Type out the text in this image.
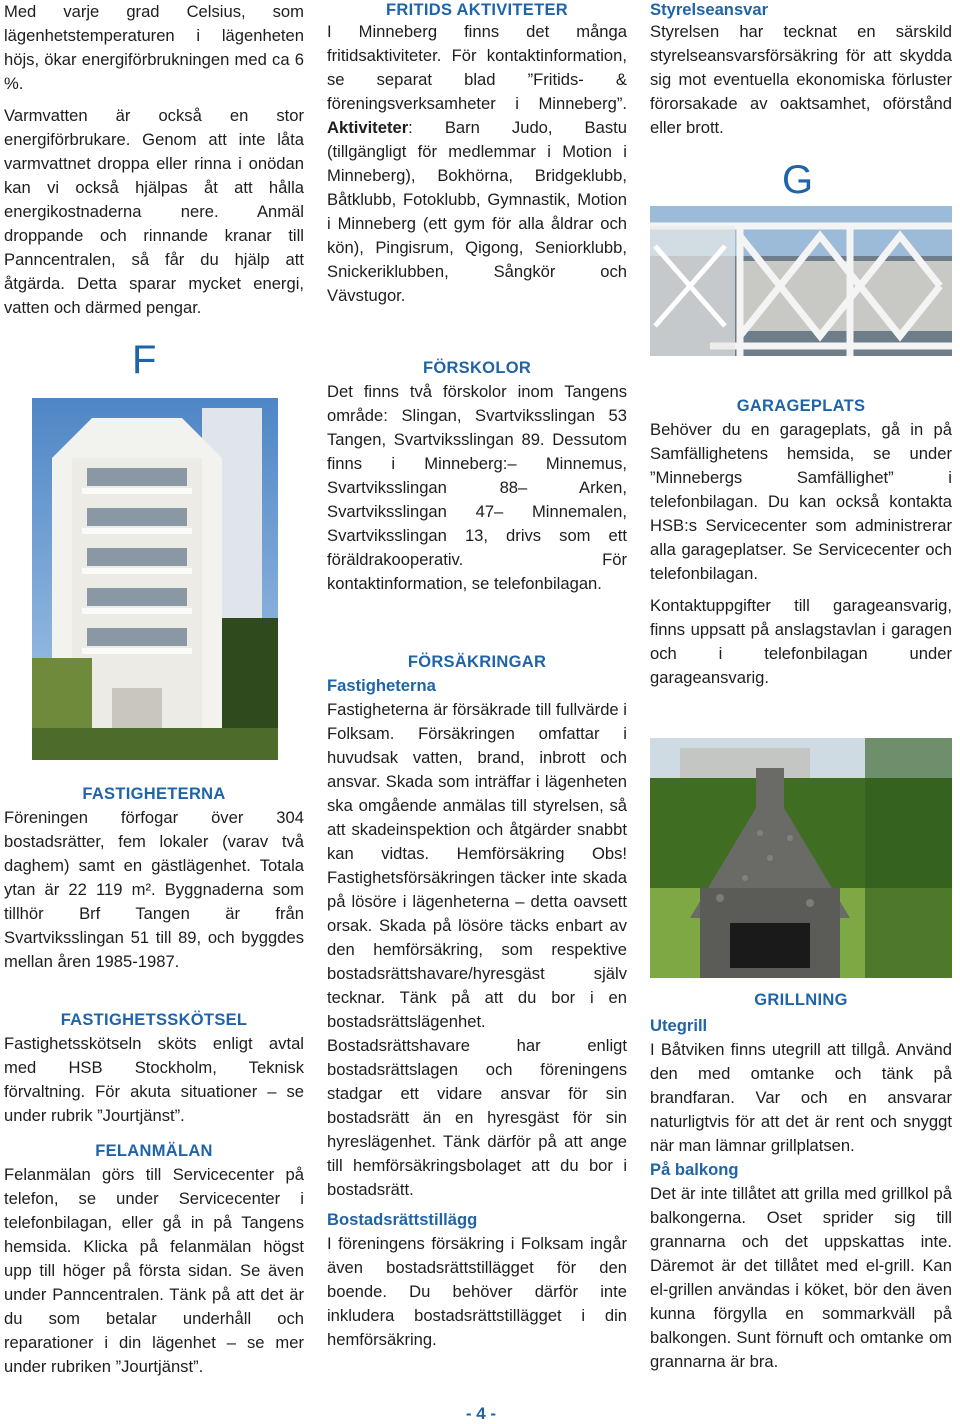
Med varje grad Celsius, som lägenhetstemperaturen i lägenheten höjs, ökar energiförbrukningen med ca 6 %.

Varmvatten är också en stor energiförbrukare. Genom att inte låta varmvattnet droppa eller rinna i onödan kan vi också hjälpas åt att hålla energikostnaderna nere. Anmäl droppande och rinnande kranar till Panncentralen, så får du hjälp att åtgärda. Detta sparar mycket energi, vatten och därmed pengar.

F
FASTIGHETERNA

Föreningen förfogar över 304 bostadsrätter, fem lokaler (varav två daghem) samt en gästlägenhet. Totala ytan är 22 119 m². Byggnaderna som tillhör Brf Tangen är från Svartviksslingan 51 till 89, och byggdes mellan åren 1985-1987.

FASTIGHETSSKÖTSEL

Fastighetsskötseln sköts enligt avtal med HSB Stockholm, Teknisk förvaltning. För akuta situationer – se under rubrik ”Jourtjänst”.

FELANMÄLAN

Felanmälan görs till Servicecenter på telefon, se under Servicecenter i telefonbilagan, eller gå in på Tangens hemsida. Klicka på felanmälan högst upp till höger på första sidan. Se även under Panncentralen. Tänk på att det är du som betalar underhåll och reparationer i din lägenhet – se mer under rubriken ”Jourtjänst”.

FRITIDS AKTIVITETER

I Minneberg finns det många fritidsaktiviteter. För kontaktinformation, se separat blad ”Fritids- & föreningsverksamheter i Minneberg”. Aktiviteter: Barn Judo, Bastu (tillgängligt för medlemmar i Motion i Minneberg), Bokhörna, Bridgeklubb, Båtklubb, Fotoklubb, Gymnastik, Motion i Minneberg (ett gym för alla åldrar och kön), Pingisrum, Qigong, Seniorklubb, Snickeriklubben, Sångkör och Vävstugor.

FÖRSKOLOR

Det finns två förskolor inom Tangens område: Slingan, Svartviksslingan 53 Tangen, Svartviksslingan 89. Dessutom finns i Minneberg:– Minnemus, Svartviksslingan 88– Arken, Svartviksslingan 47– Minnemalen, Svartviksslingan 13, drivs som ett föräldrakooperativ. För kontaktinformation, se telefonbilagan.

FÖRSÄKRINGAR
Fastigheterna

Fastigheterna är försäkrade till fullvärde i Folksam. Försäkringen omfattar i huvudsak vatten, brand, inbrott och ansvar. Skada som inträffar i lägenheten ska omgående anmälas till styrelsen, så att skadeinspektion och åtgärder snabbt kan vidtas. Hemförsäkring Obs! Fastighetsförsäkringen täcker inte skada på lösöre i lägenheterna – detta oavsett orsak. Skada på lösöre täcks enbart av den hemförsäkring, som respektive bostadsrättshavare/hyresgäst själv tecknar. Tänk på att du bor i en bostadsrättslägenhet.

Bostadsrättshavare har enligt bostadsrättslagen och föreningens stadgar ett vidare ansvar för sin bostadsrätt än en hyresgäst för sin hyreslägenhet. Tänk därför på att ange till hemförsäkringsbolaget att du bor i bostadsrätt.

Bostadsrättstillägg

I föreningens försäkring i Folksam ingår även bostadsrättstillägget för den boende. Du behöver därför inte inkludera bostadsrättstillägget i din hemförsäkring.

- 4 -
Styrelseansvar

Styrelsen har tecknat en särskild styrelseansvarsförsäkring för att skydda sig mot eventuella ekonomiska förluster förorsakade av oaktsamhet, oförstånd eller brott.

G
GARAGEPLATS

Behöver du en garageplats, gå in på Samfällighetens hemsida, se under ”Minnebergs Samfällighet” i telefonbilagan. Du kan också kontakta HSB:s Servicecenter som administrerar alla garageplatser. Se Servicecenter och telefonbilagan.

Kontaktuppgifter till garageansvarig, finns uppsatt på anslagstavlan i garagen och i telefonbilagan under garageansvarig.

GRILLNING
Utegrill

I Båtviken finns utegrill att tillgå. Använd den med omtanke och tänk på brandfaran. Var och en ansvarar naturligtvis för att det är rent och snyggt när man lämnar grillplatsen.

På balkong

Det är inte tillåtet att grilla med grillkol på balkongerna. Oset sprider sig till grannarna och det uppskattas inte. Däremot är det tillåtet med el-grill. Kan el-grillen användas i köket, bör den även kunna förgylla en sommarkväll på balkongen. Sunt förnuft och omtanke om grannarna är bra.
